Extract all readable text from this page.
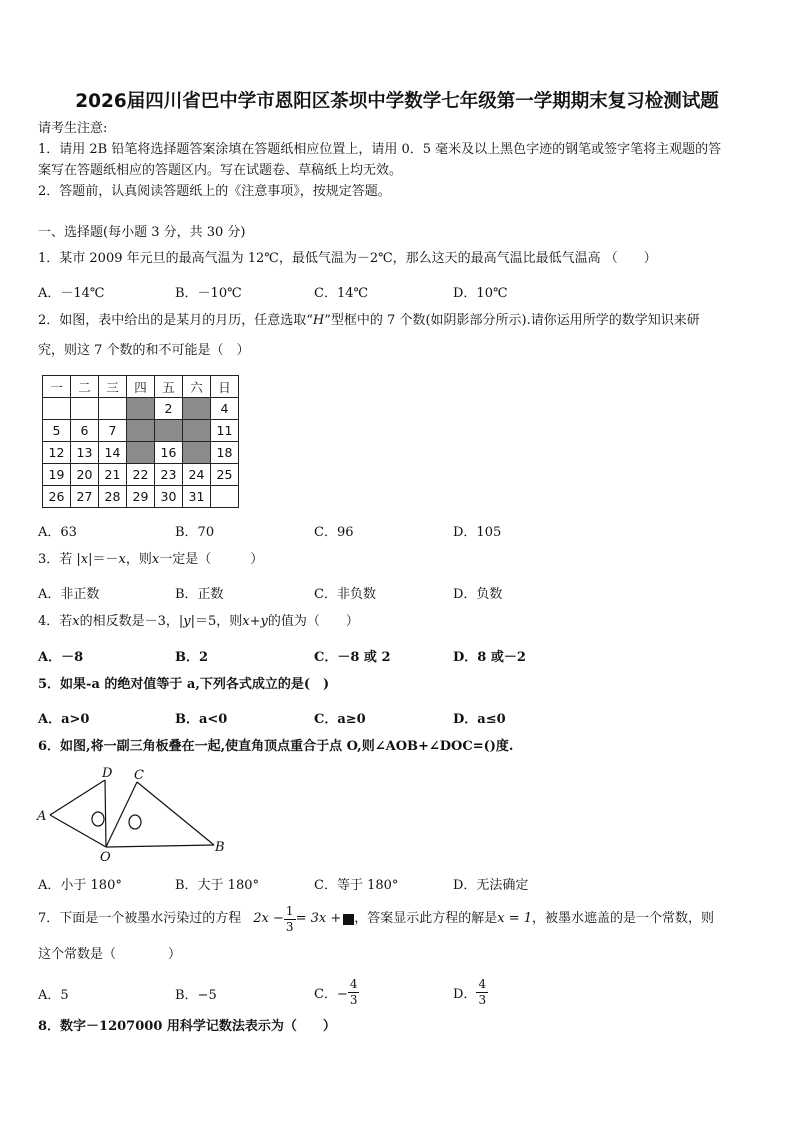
2026届四川省巴中学市恩阳区茶坝中学数学七年级第一学期期末复习检测试题
请考生注意:
1．请用 2B 铅笔将选择题答案涂填在答题纸相应位置上，请用 0．5 毫米及以上黑色字迹的钢笔或签字笔将主观题的答
案写在答题纸相应的答题区内。写在试题卷、草稿纸上均无效。
2．答题前，认真阅读答题纸上的《注意事项》，按规定答题。
一、选择题(每小题 3 分，共 30 分)
1．某市 2009 年元旦的最高气温为 12℃，最低气温为－2℃，那么这天的最高气温比最低气温高 （　　）
A．－14℃	B．－10℃	C．14℃	D．10℃
2．如图，表中给出的是某月的月历，任意选取“H”型框中的 7 个数(如阴影部分所示).请你运用所学的数学知识来研
究，则这 7 个数的和不可能是（　）
一	二	三	四	五	六	日
				2		4
5	6	7				11
12	13	14		16		18
19	20	21	22	23	24	25
26	27	28	29	30	31	
A．63	B．70	C．96	D．105
3．若 |x|＝－x，则x一定是（　　　）
A．非正数	B．正数	C．非负数	D．负数
4．若x的相反数是－3，|y|＝5，则x+y的值为（　　）
A．－8	B．2	C．－8 或 2	D．8 或－2
5．如果-a 的绝对值等于 a,下列各式成立的是(　)
A．a>0	B．a<0	C．a≥0	D．a≤0
6．如图,将一副三角板叠在一起,使直角顶点重合于点 O,则∠AOB+∠DOC=()度.
A
D C
O
B
A．小于 180°	B．大于 180°	C．等于 180°	D．无法确定
7．下面是一个被墨水污染过的方程 $2x - \frac{1}{3} = 3x$ + ，答案显示此方程的解是 x = 1 ，被墨水遮盖的是一个常数，则
这个常数是（　　　　）
A．5	B．−5	C．− $\frac{4}{3}$	D． $\frac{4}{3}$
8．数字－1207000 用科学记数法表示为（　　）
